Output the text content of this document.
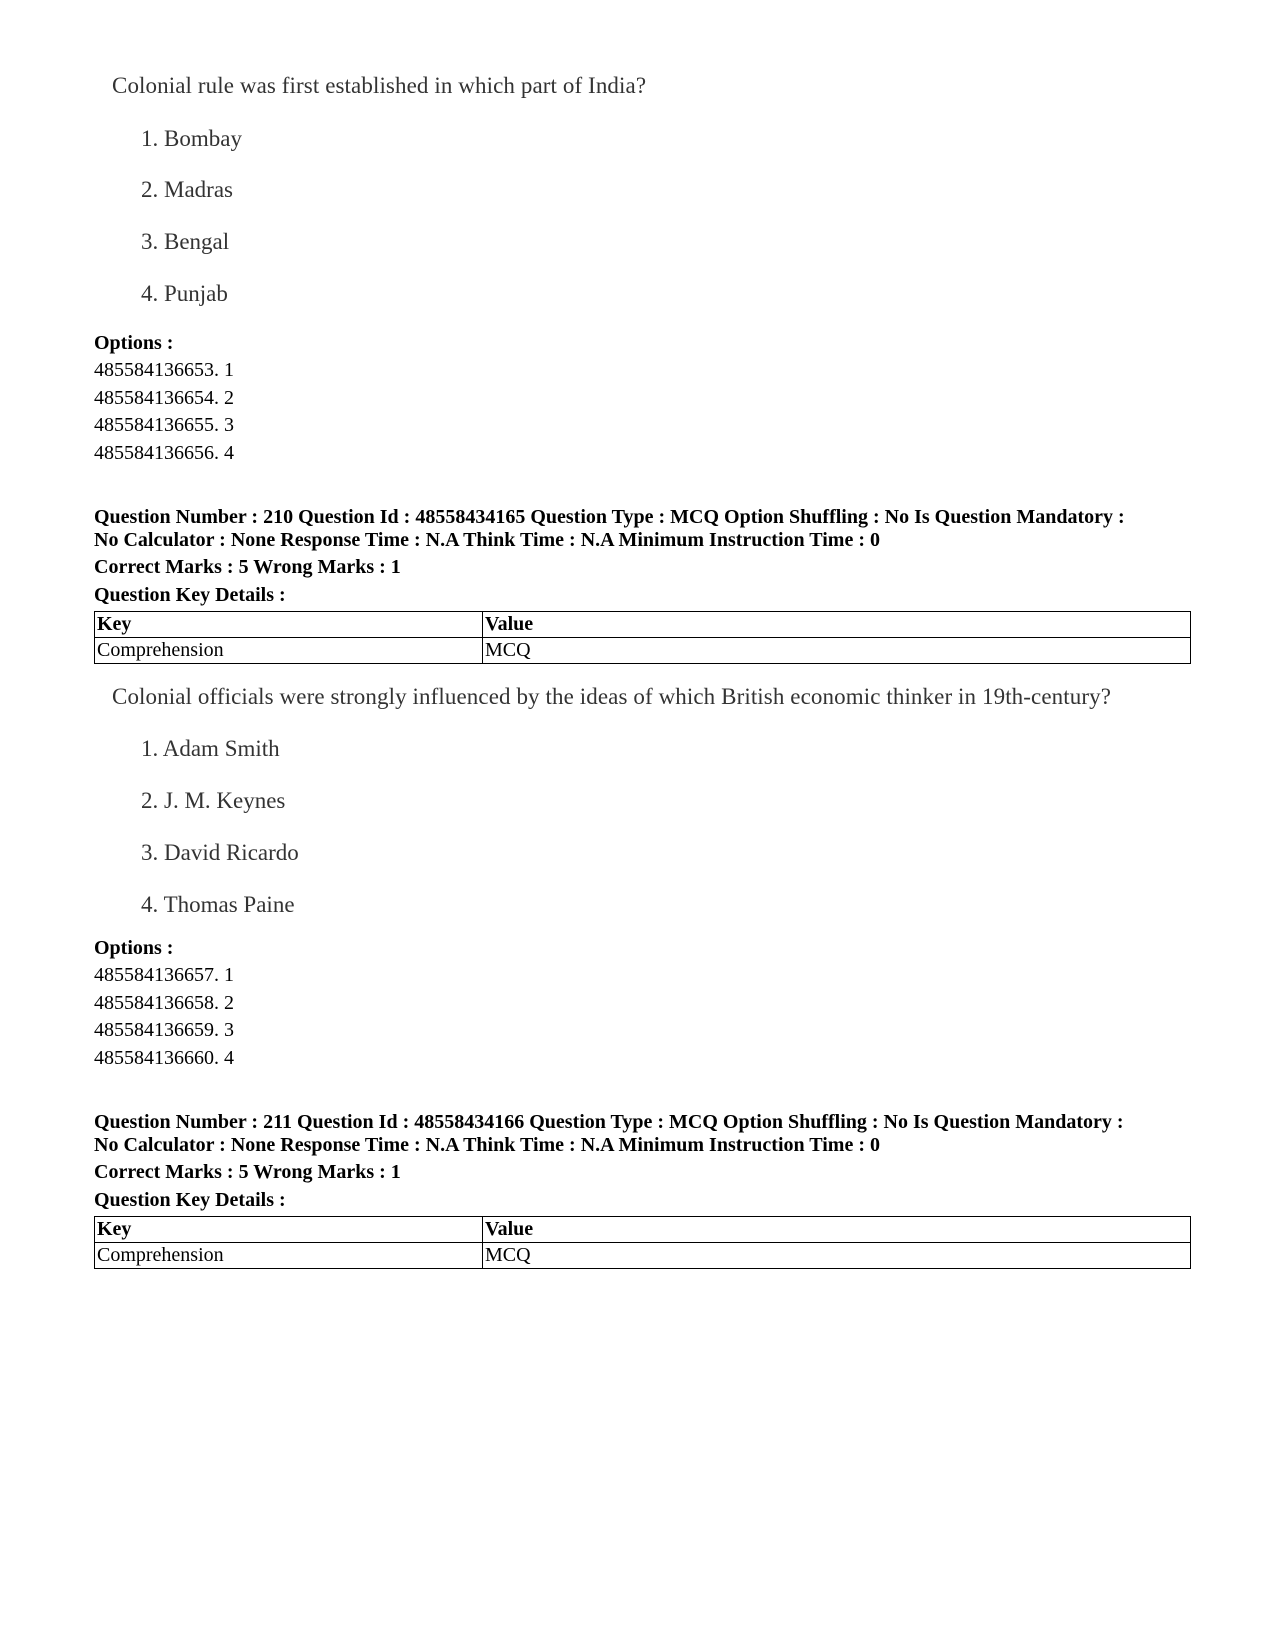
Colonial rule was first established in which part of India?
1. Bombay
2. Madras
3. Bengal
4. Punjab
Options :
485584136653. 1
485584136654. 2
485584136655. 3
485584136656. 4
Question Number : 210 Question Id : 48558434165 Question Type : MCQ Option Shuffling : No Is Question Mandatory :
No Calculator : None Response Time : N.A Think Time : N.A Minimum Instruction Time : 0
Correct Marks : 5 Wrong Marks : 1
Question Key Details :
Key	Value
Comprehension	MCQ
Colonial officials were strongly influenced by the ideas of which British economic thinker in 19th-century?
1. Adam Smith
2. J. M. Keynes
3. David Ricardo
4. Thomas Paine
Options :
485584136657. 1
485584136658. 2
485584136659. 3
485584136660. 4
Question Number : 211 Question Id : 48558434166 Question Type : MCQ Option Shuffling : No Is Question Mandatory :
No Calculator : None Response Time : N.A Think Time : N.A Minimum Instruction Time : 0
Correct Marks : 5 Wrong Marks : 1
Question Key Details :
Key	Value
Comprehension	MCQ
